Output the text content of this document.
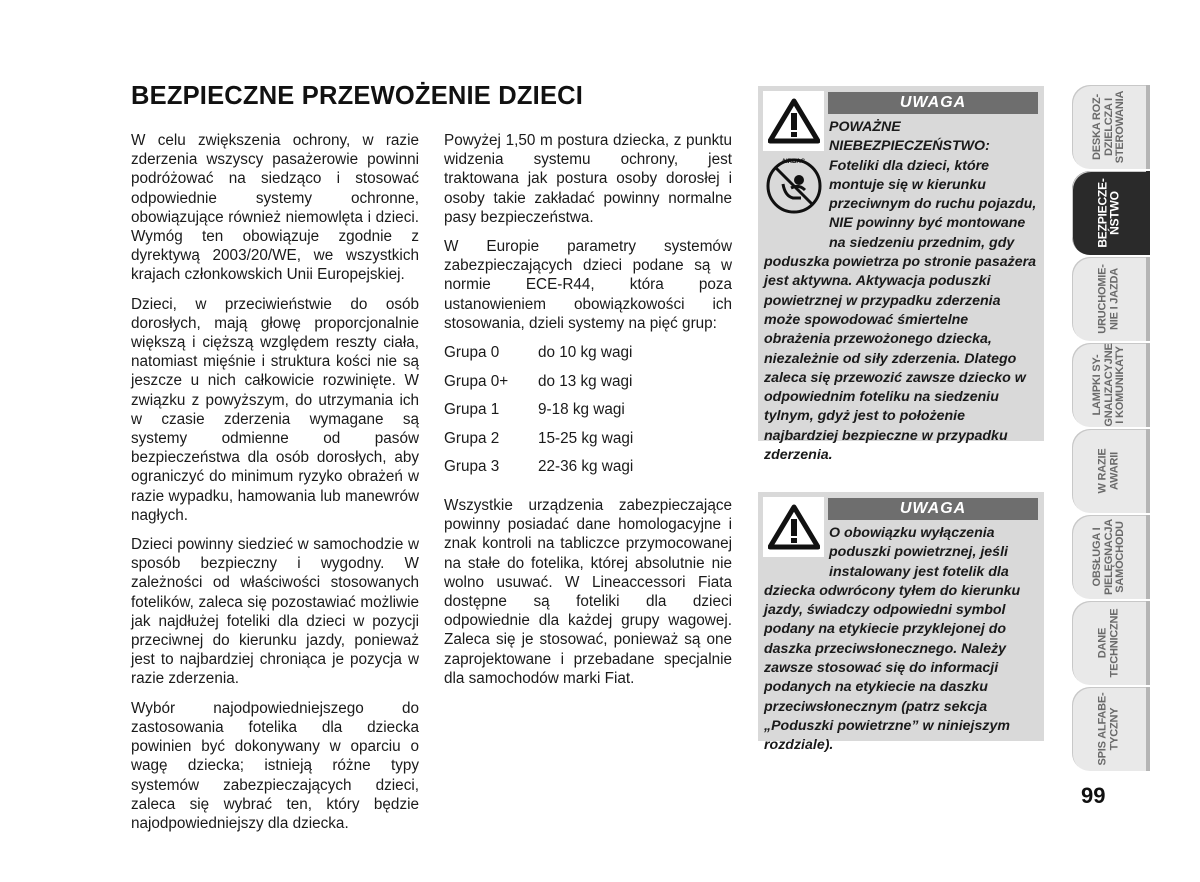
BEZPIECZNE PRZEWOŻENIE DZIECI

W celu zwiększenia ochrony, w razie zderzenia wszyscy pasażerowie powinni podróżować na siedząco i stosować odpowiednie systemy ochronne, obowiązujące również niemowlęta i dzieci. Wymóg ten obowiązuje zgodnie z dyrektywą 2003/20/WE, we wszystkich krajach członkowskich Unii Europejskiej.

Dzieci, w przeciwieństwie do osób dorosłych, mają głowę proporcjonalnie większą i cięższą względem reszty ciała, natomiast mięśnie i struktura kości nie są jeszcze u nich całkowicie rozwinięte. W związku z powyższym, do utrzymania ich w czasie zderzenia wymagane są systemy odmienne od pasów bezpieczeństwa dla osób dorosłych, aby ograniczyć do minimum ryzyko obrażeń w razie wypadku, hamowania lub manewrów nagłych.

Dzieci powinny siedzieć w samochodzie w sposób bezpieczny i wygodny. W zależności od właściwości stosowanych fotelików, zaleca się pozostawiać możliwie jak najdłużej foteliki dla dzieci w pozycji przeciwnej do kierunku jazdy, ponieważ jest to najbardziej chroniąca je pozycja w razie zderzenia.

Wybór najodpowiedniejszego do zastosowania fotelika dla dziecka powinien być dokonywany w oparciu o wagę dziecka; istnieją różne typy systemów zabezpieczających dzieci, zaleca się wybrać ten, który będzie najodpowiedniejszy dla dziecka.

Powyżej 1,50 m postura dziecka, z punktu widzenia systemu ochrony, jest traktowana jak postura osoby dorosłej i osoby takie zakładać powinny normalne pasy bezpieczeństwa.

W Europie parametry systemów zabezpieczających dzieci podane są w normie ECE-R44, która poza ustanowieniem obowiązkowości ich stosowania, dzieli systemy na pięć grup:

Grupa 0	do 10 kg wagi
Grupa 0+	do 13 kg wagi
Grupa 1	9-18 kg wagi
Grupa 2	15-25 kg wagi
Grupa 3	22-36 kg wagi

Wszystkie urządzenia zabezpieczające powinny posiadać dane homologacyjne i znak kontroli na tabliczce przymocowanej na stałe do fotelika, której absolutnie nie wolno usuwać. W Lineaccessori Fiata dostępne są foteliki dla dzieci odpowiednie dla każdej grupy wagowej. Zaleca się je stosować, ponieważ są one zaprojektowane i przebadane specjalnie dla samochodów marki Fiat.

AIRBAG
UWAGA
POWAŻNE NIEBEZPIECZEŃSTWO: Foteliki dla dzieci, które montuje się w kierunku przeciwnym do ruchu pojazdu, NIE powinny być montowane na siedzeniu przednim, gdy poduszka powietrza po stronie pasażera jest aktywna. Aktywacja poduszki powietrznej w przypadku zderzenia może spowodować śmiertelne obrażenia przewożonego dziecka, niezależnie od siły zderzenia. Dlatego zaleca się przewozić zawsze dziecko w odpowiednim foteliku na siedzeniu tylnym, gdyż jest to położenie najbardziej bezpieczne w przypadku zderzenia.
UWAGA
O obowiązku wyłączenia poduszki powietrznej, jeśli instalowany jest fotelik dla dziecka odwrócony tyłem do kierunku jazdy, świadczy odpowiedni symbol podany na etykiecie przyklejonej do daszka przeciwsłonecznego. Należy zawsze stosować się do informacji podanych na etykiecie na daszku przeciwsłonecznym (patrz sekcja „Poduszki powietrzne” w niniejszym rozdziale).
DESKA ROZ-
DZIELCZA I
STEROWANIA
BEZPIECZE-
ŃSTWO
URUCHOMIE-
NIE I JAZDA
LAMPKI SY-
GNALIZACYJNE
I KOMUNIKATY
W RAZIE
AWARII
OBSŁUGA I
PIELĘGNACJA
SAMOCHODU
DANE
TECHNICZNE
SPIS ALFABE-
TYCZNY
99
